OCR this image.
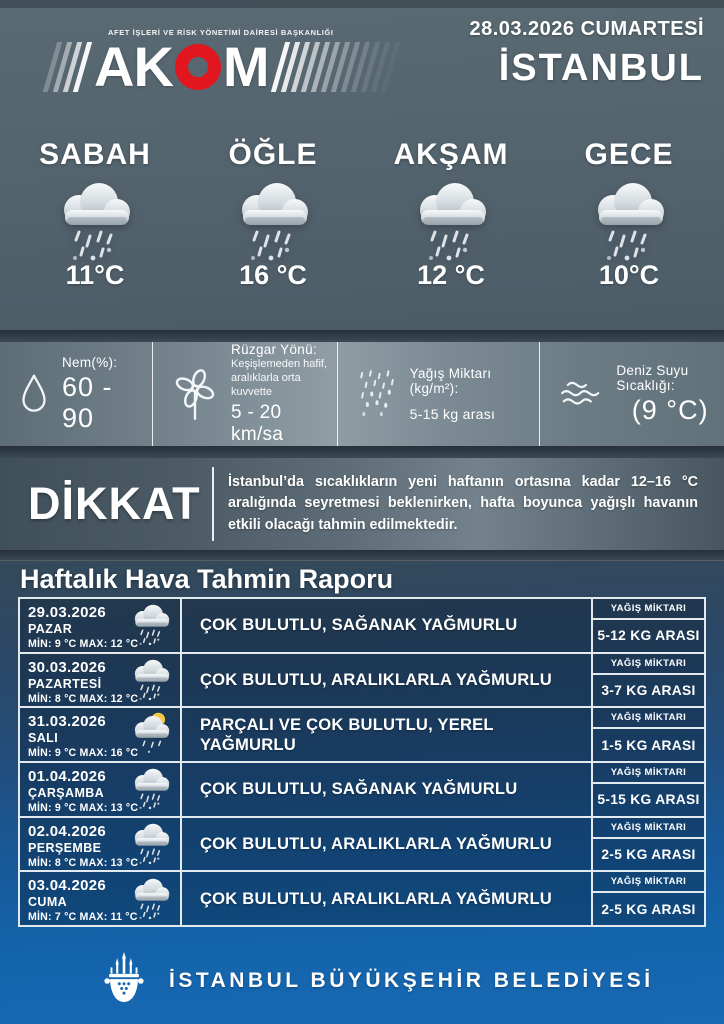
AFET İŞLERİ VE RİSK YÖNETİMİ DAİRESİ BAŞKANLIĞI
AK M
28.03.2026 CUMARTESİ
İSTANBUL
SABAH
11°C
ÖĞLE
16 °C
AKŞAM
12 °C
GECE
10°C
Nem(%):
60 - 90
Rüzgar Yönü:
Keşişlemeden hafif, aralıklarla orta kuvvette
5 - 20 km/sa
Yağış Miktarı (kg/m²):
5-15 kg arası
Deniz Suyu Sıcaklığı:
(9 °C)
DİKKAT	İstanbul’da sıcaklıkların yeni haftanın ortasına kadar 12–16 °C aralığında seyretmesi beklenirken, hafta boyunca yağışlı havanın etkili olacağı tahmin edilmektedir.
Haftalık Hava Tahmin Raporu
29.03.2026
PAZAR
MİN: 9 °C MAX: 12 °C
ÇOK BULUTLU, SAĞANAK YAĞMURLU
YAĞIŞ MİKTARI
5-12 KG ARASI
30.03.2026
PAZARTESİ
MİN: 8 °C MAX: 12 °C
ÇOK BULUTLU, ARALIKLARLA YAĞMURLU
YAĞIŞ MİKTARI
3-7 KG ARASI
31.03.2026
SALI
MİN: 9 °C MAX: 16 °C
PARÇALI VE ÇOK BULUTLU, YEREL YAĞMURLU
YAĞIŞ MİKTARI
1-5 KG ARASI
01.04.2026
ÇARŞAMBA
MİN: 9 °C MAX: 13 °C
ÇOK BULUTLU, SAĞANAK YAĞMURLU
YAĞIŞ MİKTARI
5-15 KG ARASI
02.04.2026
PERŞEMBE
MİN: 8 °C MAX: 13 °C
ÇOK BULUTLU, ARALIKLARLA YAĞMURLU
YAĞIŞ MİKTARI
2-5 KG ARASI
03.04.2026
CUMA
MİN: 7 °C MAX: 11 °C
ÇOK BULUTLU, ARALIKLARLA YAĞMURLU
YAĞIŞ MİKTARI
2-5 KG ARASI
İSTANBUL BÜYÜKŞEHİR BELEDİYESİ
